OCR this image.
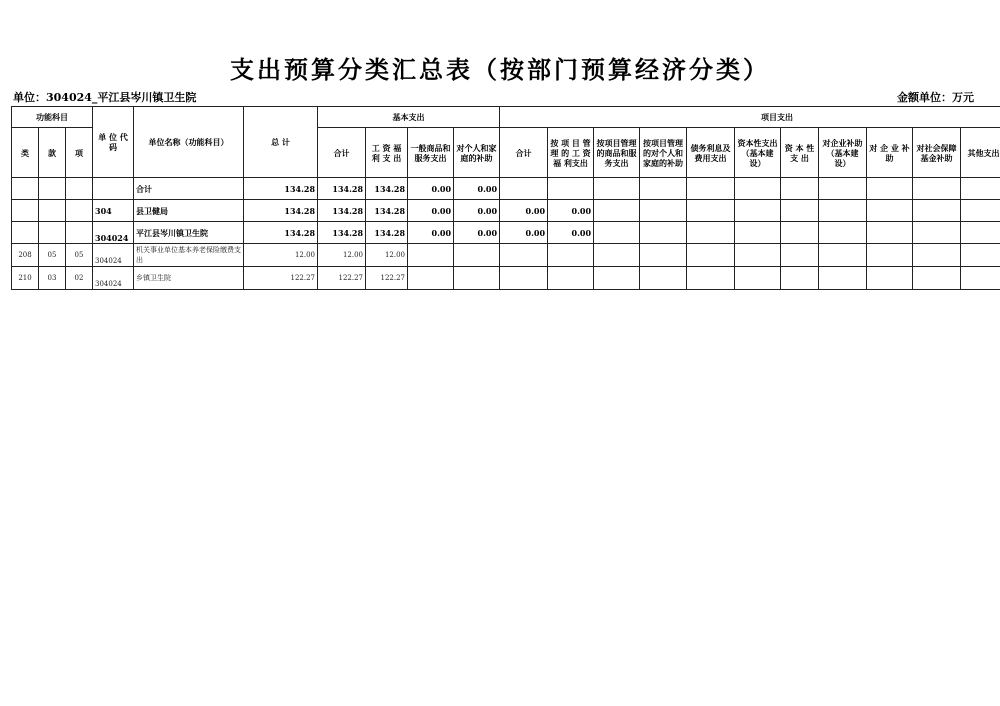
支出预算分类汇总表（按部门预算经济分类）
单位：304024_平江县岑川镇卫生院	金额单位：万元
功能科目			单 位 代 码	单位名称（功能科目）	总 计	基本支出				项目支出											
类	款	项				合计	工 资 福 利 支 出	一般商品和服务支出	对个人和家庭的补助	合计	按 项 目 管 理 的 工 资 福 利支出	按项目管理的商品和服务支出	按项目管理的对个人和家庭的补助	债务利息及费用支出	资本性支出（基本建设）	资 本 性 支 出	对企业补助（基本建设）	对 企 业 补 助	对社会保障基金补助	其他支出	
				合计	134.28	134.28	134.28	0.00	0.00												
			304	县卫健局	134.28	134.28	134.28	0.00	0.00	0.00	0.00										
			304024	平江县岑川镇卫生院	134.28	134.28	134.28	0.00	0.00	0.00	0.00										
208	05	05	304024	机关事业单位基本养老保险缴费支出	12.00	12.00	12.00														
210	03	02	304024	乡镇卫生院	122.27	122.27	122.27														
